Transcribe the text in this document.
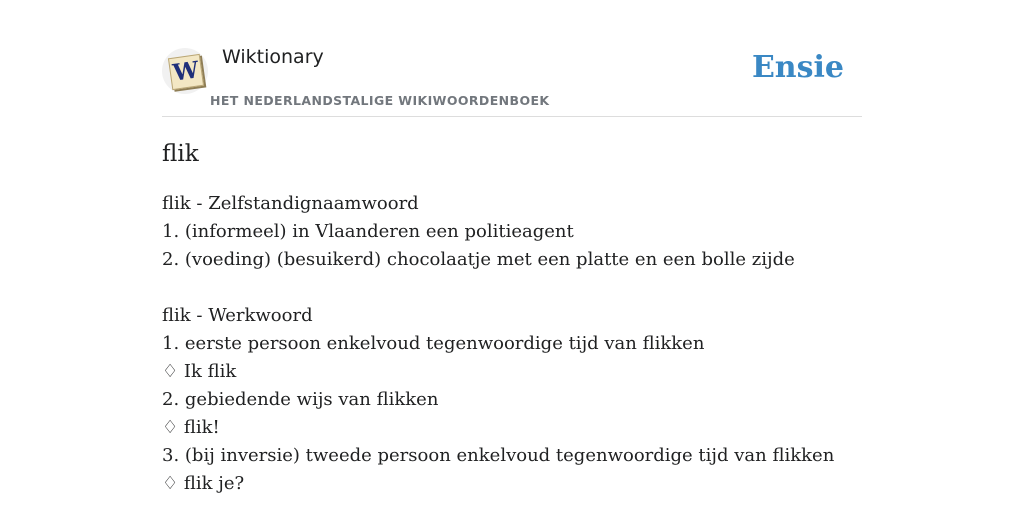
W Wiktionary
HET NEDERLANDSTALIGE WIKIWOORDENBOEK
Ensie
flik
flik - Zelfstandignaamwoord
1. (informeel) in Vlaanderen een politieagent
2. (voeding) (besuikerd) chocolaatje met een platte en een bolle zijde
flik - Werkwoord
1. eerste persoon enkelvoud tegenwoordige tijd van flikken
♢ Ik flik
2. gebiedende wijs van flikken
♢ flik!
3. (bij inversie) tweede persoon enkelvoud tegenwoordige tijd van flikken
♢ flik je?
